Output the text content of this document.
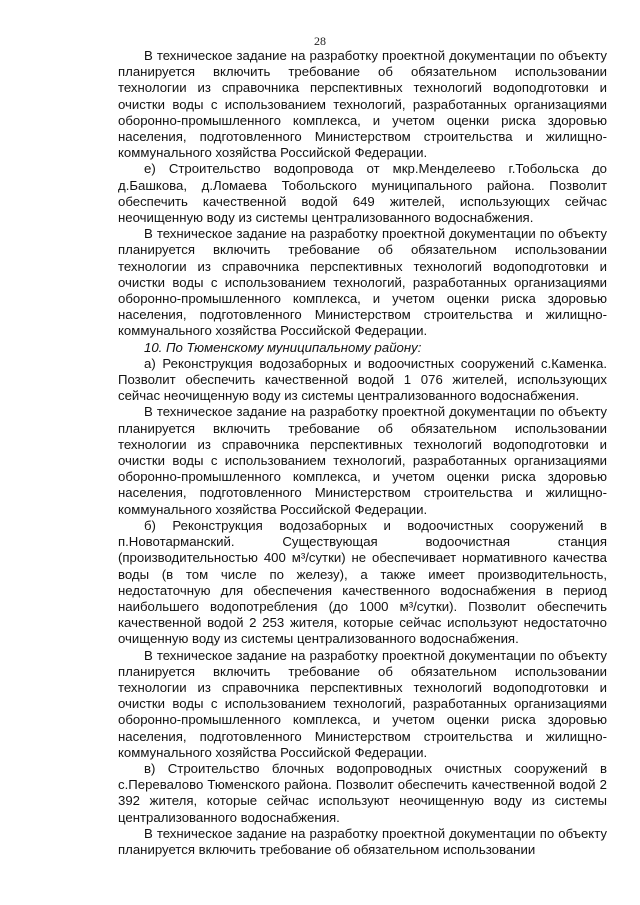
28

В техническое задание на разработку проектной документации по объекту планируется включить требование об обязательном использовании технологии из справочника перспективных технологий водоподготовки и очистки воды с использованием технологий, разработанных организациями оборонно-промышленного комплекса, и учетом оценки риска здоровью населения, подготовленного Министерством строительства и жилищно-коммунального хозяйства Российской Федерации.

е) Строительство водопровода от мкр.Менделеево г.Тобольска до д.Башкова, д.Ломаева Тобольского муниципального района. Позволит обеспечить качественной водой 649 жителей, использующих сейчас неочищенную воду из системы централизованного водоснабжения.

В техническое задание на разработку проектной документации по объекту планируется включить требование об обязательном использовании технологии из справочника перспективных технологий водоподготовки и очистки воды с использованием технологий, разработанных организациями оборонно-промышленного комплекса, и учетом оценки риска здоровью населения, подготовленного Министерством строительства и жилищно-коммунального хозяйства Российской Федерации.

10. По Тюменскому муниципальному району:

а) Реконструкция водозаборных и водоочистных сооружений с.Каменка. Позволит обеспечить качественной водой 1 076 жителей, использующих сейчас неочищенную воду из системы централизованного водоснабжения.

В техническое задание на разработку проектной документации по объекту планируется включить требование об обязательном использовании технологии из справочника перспективных технологий водоподготовки и очистки воды с использованием технологий, разработанных организациями оборонно-промышленного комплекса, и учетом оценки риска здоровью населения, подготовленного Министерством строительства и жилищно-коммунального хозяйства Российской Федерации.

б) Реконструкция водозаборных и водоочистных сооружений в п.Новотарманский. Существующая водоочистная станция (производительностью 400 м³/сутки) не обеспечивает нормативного качества воды (в том числе по железу), а также имеет производительность, недостаточную для обеспечения качественного водоснабжения в период наибольшего водопотребления (до 1000 м³/сутки). Позволит обеспечить качественной водой 2 253 жителя, которые сейчас используют недостаточно очищенную воду из системы централизованного водоснабжения.

В техническое задание на разработку проектной документации по объекту планируется включить требование об обязательном использовании технологии из справочника перспективных технологий водоподготовки и очистки воды с использованием технологий, разработанных организациями оборонно-промышленного комплекса, и учетом оценки риска здоровью населения, подготовленного Министерством строительства и жилищно-коммунального хозяйства Российской Федерации.

в) Строительство блочных водопроводных очистных сооружений в с.Перевалово Тюменского района. Позволит обеспечить качественной водой 2 392 жителя, которые сейчас используют неочищенную воду из системы централизованного водоснабжения.

В техническое задание на разработку проектной документации по объекту планируется включить требование об обязательном использовании
